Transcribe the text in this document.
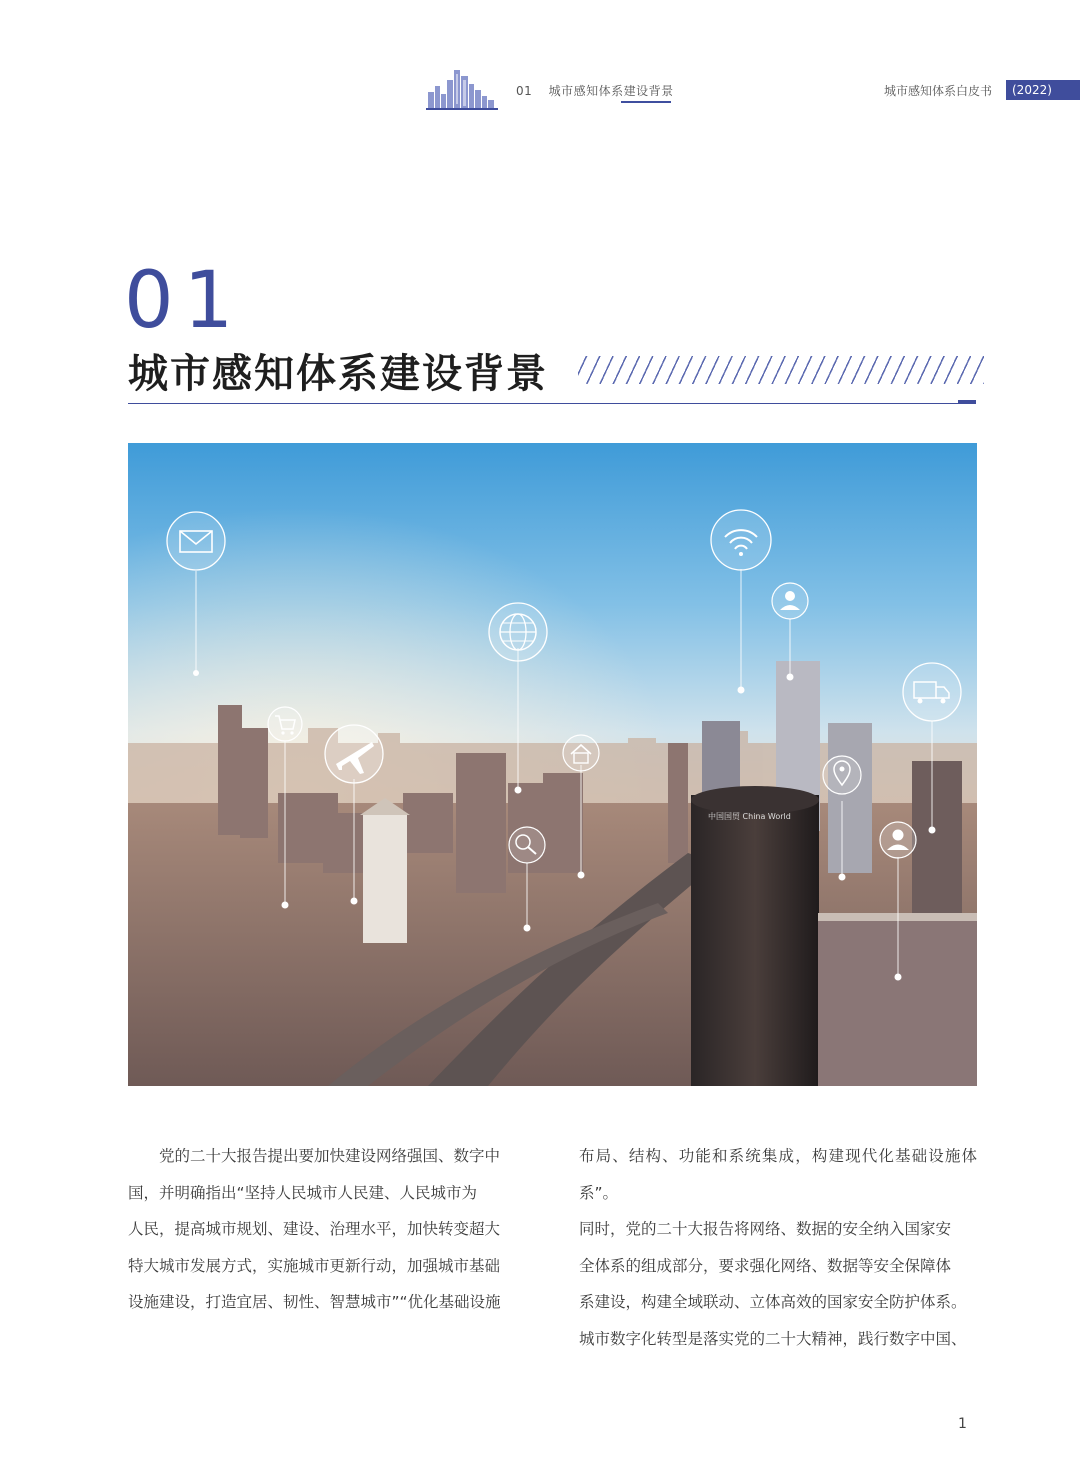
01 城市感知体系建设背景	城市感知体系白皮书	(2022)
01
城市感知体系建设背景
中国国贸 China World

党的二十大报告提出要加快建设网络强国、数字中

国，并明确指出“坚持人民城市人民建、人民城市为

人民，提高城市规划、建设、治理水平，加快转变超大

特大城市发展方式，实施城市更新行动，加强城市基础

设施建设，打造宜居、韧性、智慧城市”“优化基础设施

布局、结构、功能和系统集成，构建现代化基础设施体系”。

同时，党的二十大报告将网络、数据的安全纳入国家安

全体系的组成部分，要求强化网络、数据等安全保障体

系建设，构建全域联动、立体高效的国家安全防护体系。

城市数字化转型是落实党的二十大精神，践行数字中国、

1
